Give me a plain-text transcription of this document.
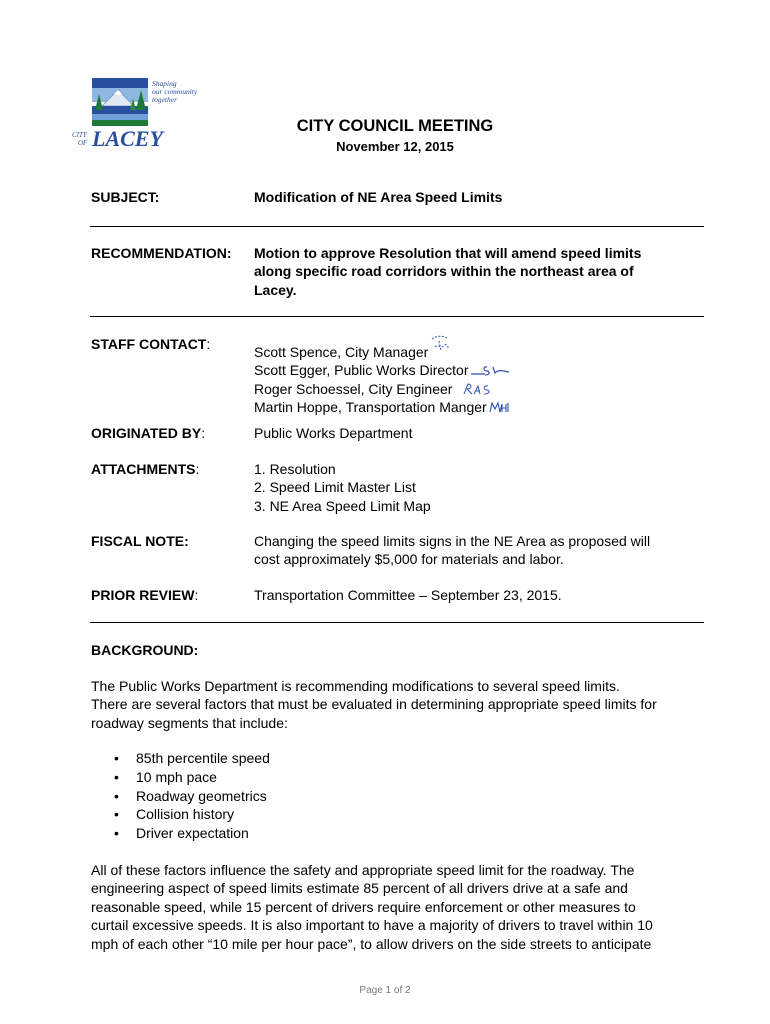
Shaping
our community
together
CITY
OF LACEY	CITY COUNCIL MEETING
November 12, 2015
SUBJECT:	Modification of NE Area Speed Limits
RECOMMENDATION: Motion to approve Resolution that will amend speed limits
along specific road corridors within the northeast area of
Lacey.
STAFF CONTACT:	Scott Spence, City Manager
Scott Egger, Public Works Director
Roger Schoessel, City Engineer
Martin Hoppe, Transportation Manger
ORIGINATED BY:	Public Works Department
ATTACHMENTS:	1. Resolution
2. Speed Limit Master List
3. NE Area Speed Limit Map
FISCAL NOTE:	Changing the speed limits signs in the NE Area as proposed will
cost approximately $5,000 for materials and labor.
PRIOR REVIEW:	Transportation Committee – September 23, 2015.
BACKGROUND:
The Public Works Department is recommending modifications to several speed limits.
There are several factors that must be evaluated in determining appropriate speed limits for
roadway segments that include:
• 85th percentile speed
• 10 mph pace
• Roadway geometrics
• Collision history
• Driver expectation
All of these factors influence the safety and appropriate speed limit for the roadway. The
engineering aspect of speed limits estimate 85 percent of all drivers drive at a safe and
reasonable speed, while 15 percent of drivers require enforcement or other measures to
curtail excessive speeds. It is also important to have a majority of drivers to travel within 10
mph of each other “10 mile per hour pace”, to allow drivers on the side streets to anticipate
Page 1 of 2
